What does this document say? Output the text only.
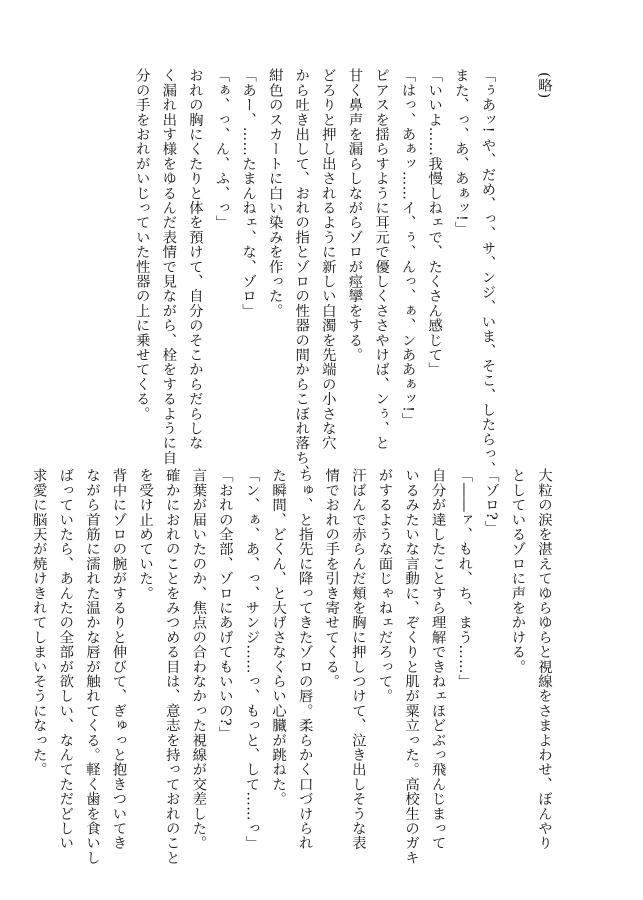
(略)
「ぅあッ! や、だめ、っ、サ、ンジ、いま、そこ、したらっ、
また、っ、あ、あぁッ!」
「いいよ……我慢しねェで、たくさん感じて」
「はっ、あぁッ……イ、ぅ、んっ、ぁ、ンああぁッ!」
ピアスを揺らすように耳元で優しくささやけば、ンぅ、と
甘く鼻声を漏らしながらゾロが痙攣をする。
どろりと押し出されるように新しい白濁を先端の小さな穴
から吐き出して、おれの指とゾロの性器の間からこぼれ落ち、
紺色のスカートに白い染みを作った。
「あー、……たまんねェ、な、ゾロ」
「ぁ、っ、ん、ふ、っ」
おれの胸にくたりと体を預けて、自分のそこからだらしな
く漏れ出す様をゆるんだ表情で見ながら、栓をするように自
分の手をおれがいじっていた性器の上に乗せてくる。
大粒の涙を湛えてゆらゆらと視線をさまよわせ、ぼんやり
としているゾロに声をかける。
「ゾロ?」
「――ァ、もれ、ち、まう……」
自分が達したことすら理解できねェほどぶっ飛んじまって
いるみたいな言動に、ぞくりと肌が粟立った。高校生のガキ
がするような面じゃねェだろって。
汗ばんで赤らんだ頬を胸に押しつけて、泣き出しそうな表
情でおれの手を引き寄せてくる。
ちゅ、と指先に降ってきたゾロの唇。柔らかく口づけられ
た瞬間、どくん、と大げさなくらい心臓が跳ねた。
「ン、ぁ、あ、っ、サンジ……っ、もっと、して……っ」
「おれの全部、ゾロにあげてもいいの?」
言葉が届いたのか、焦点の合わなかった視線が交差した。
確かにおれのことをみつめる目は、意志を持っておれのこと
を受け止めていた。
背中にゾロの腕がするりと伸びて、ぎゅっと抱きついてき
ながら首筋に濡れた温かな唇が触れてくる。軽く歯を食いし
ばっていたら、あんたの全部が欲しい、なんてただどしい
求愛に脳天が焼けきれてしまいそうになった。
